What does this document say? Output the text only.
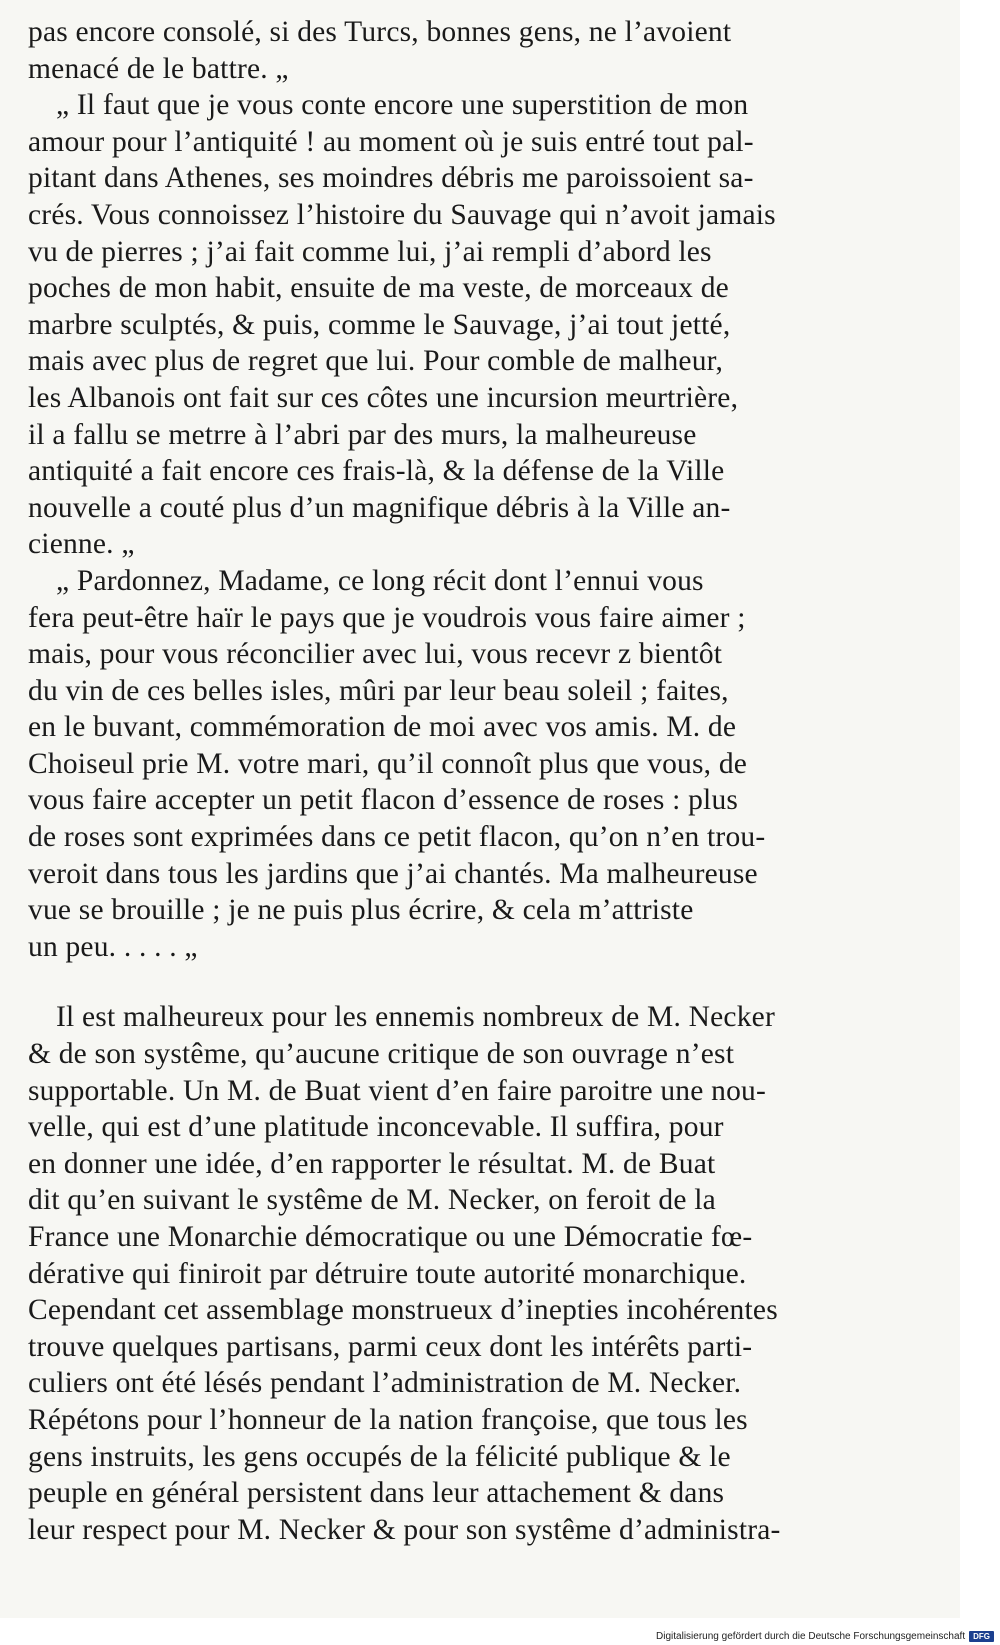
pas encore consolé, si des Turcs, bonnes gens, ne l’avoient
menacé de le battre. „
„ Il faut que je vous conte encore une superstition de mon
amour pour l’antiquité ! au moment où je suis entré tout pal-
pitant dans Athenes, ses moindres débris me paroissoient sa-
crés. Vous connoissez l’histoire du Sauvage qui n’avoit jamais
vu de pierres ; j’ai fait comme lui, j’ai rempli d’abord les
poches de mon habit, ensuite de ma veste, de morceaux de
marbre sculptés, & puis, comme le Sauvage, j’ai tout jetté,
mais avec plus de regret que lui. Pour comble de malheur,
les Albanois ont fait sur ces côtes une incursion meurtrière,
il a fallu se metrre à l’abri par des murs, la malheureuse
antiquité a fait encore ces frais-là, & la défense de la Ville
nouvelle a couté plus d’un magnifique débris à la Ville an-
cienne. „
„ Pardonnez, Madame, ce long récit dont l’ennui vous
fera peut-être haïr le pays que je voudrois vous faire aimer ;
mais, pour vous réconcilier avec lui, vous recevr z bientôt
du vin de ces belles isles, mûri par leur beau soleil ; faites,
en le buvant, commémoration de moi avec vos amis. M. de
Choiseul prie M. votre mari, qu’il connoît plus que vous, de
vous faire accepter un petit flacon d’essence de roses : plus
de roses sont exprimées dans ce petit flacon, qu’on n’en trou-
veroit dans tous les jardins que j’ai chantés. Ma malheureuse
vue se brouille ; je ne puis plus écrire, & cela m’attriste
un peu. . . . . „
Il est malheureux pour les ennemis nombreux de M. Necker
& de son systême, qu’aucune critique de son ouvrage n’est
supportable. Un M. de Buat vient d’en faire paroitre une nou-
velle, qui est d’une platitude inconcevable. Il suffira, pour
en donner une idée, d’en rapporter le résultat. M. de Buat
dit qu’en suivant le systême de M. Necker, on feroit de la
France une Monarchie démocratique ou une Démocratie fœ-
dérative qui finiroit par détruire toute autorité monarchique.
Cependant cet assemblage monstrueux d’inepties incohérentes
trouve quelques partisans, parmi ceux dont les intérêts parti-
culiers ont été lésés pendant l’administration de M. Necker.
Répétons pour l’honneur de la nation françoise, que tous les
gens instruits, les gens occupés de la félicité publique & le
peuple en général persistent dans leur attachement & dans
leur respect pour M. Necker & pour son systême d’administra-
Digitalisierung gefördert durch die Deutsche Forschungsgemeinschaft	DFG
